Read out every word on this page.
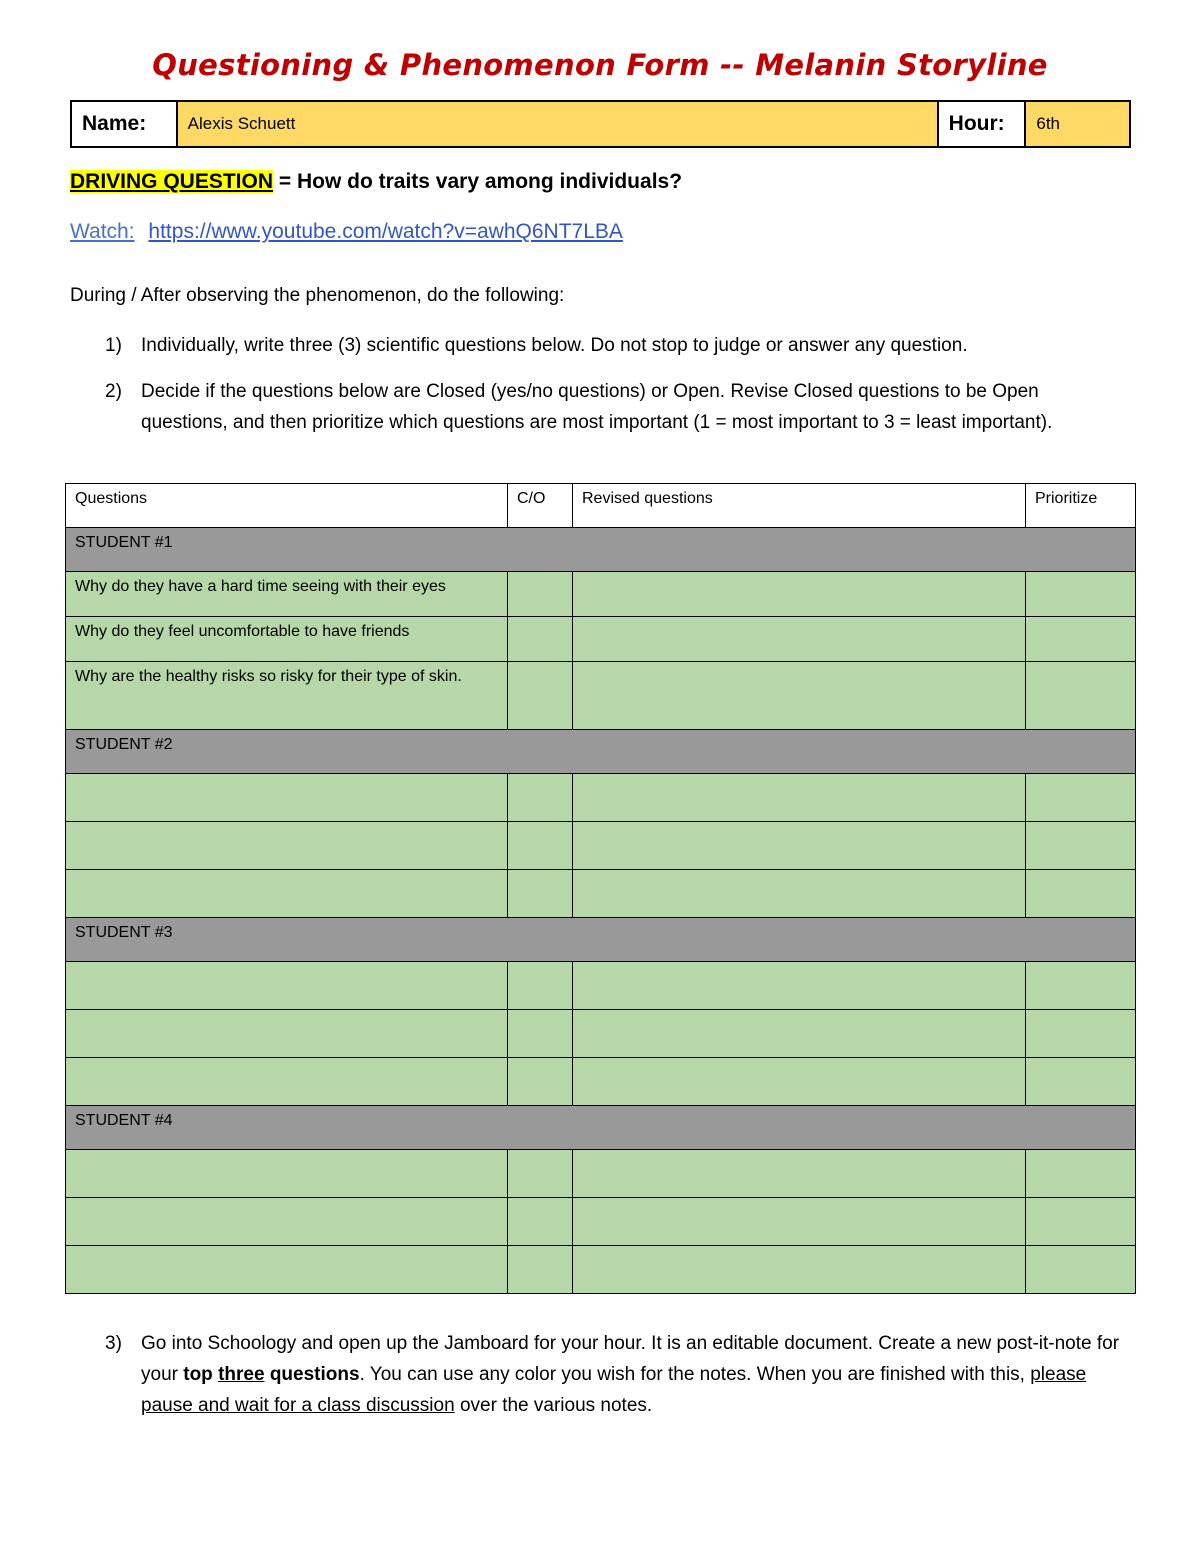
Questioning & Phenomenon Form -- Melanin Storyline
Name:	Alexis Schuett	Hour:	6th
DRIVING QUESTION = How do traits vary among individuals?
Watch: https://www.youtube.com/watch?v=awhQ6NT7LBA
During / After observing the phenomenon, do the following:
1) Individually, write three (3) scientific questions below. Do not stop to judge or answer any question.
2) Decide if the questions below are Closed (yes/no questions) or Open. Revise Closed questions to be Open questions, and then prioritize which questions are most important (1 = most important to 3 = least important).
Questions	C/O	Revised questions	Prioritize
STUDENT #1			
Why do they have a hard time seeing with their eyes			
Why do they feel uncomfortable to have friends			
Why are the healthy risks so risky for their type of skin.			
STUDENT #2			

STUDENT #3			

STUDENT #4			

3) Go into Schoology and open up the Jamboard for your hour. It is an editable document. Create a new post-it-note for your top three questions. You can use any color you wish for the notes. When you are finished with this, please pause and wait for a class discussion over the various notes.
